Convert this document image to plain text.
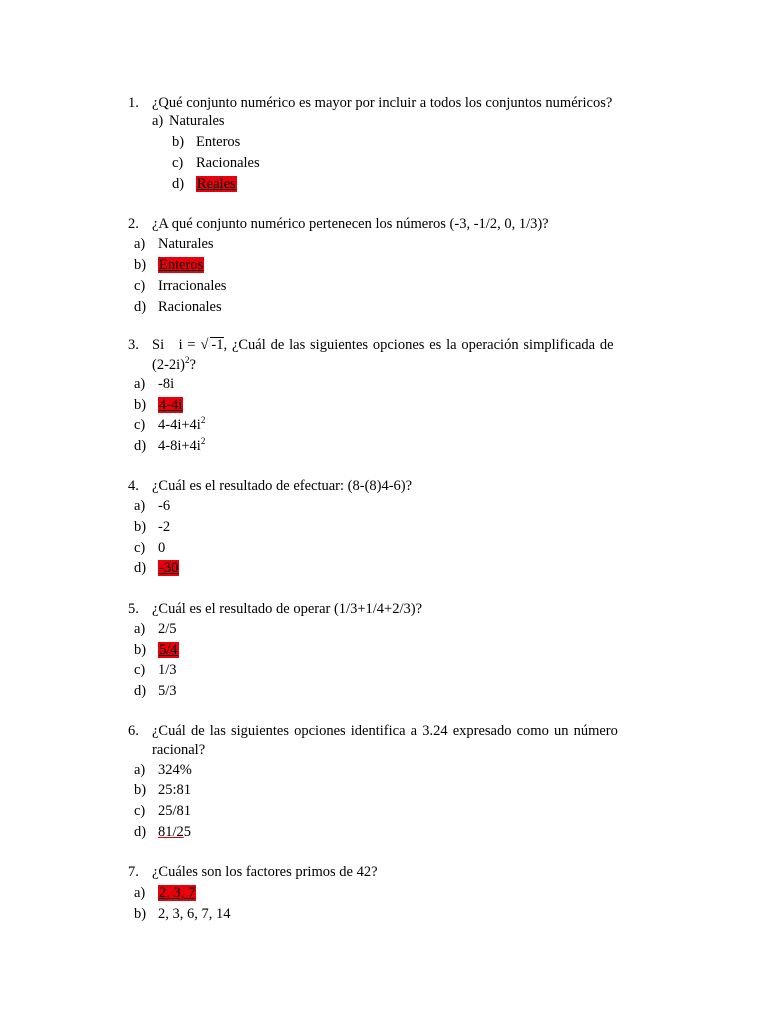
1. ¿Qué conjunto numérico es mayor por incluir a todos los conjuntos numéricos?
a) Naturales
b) Enteros
c) Racionales
d) Reales
2. ¿A qué conjunto numérico pertenecen los números (-3, -1/2, 0, 1/3)?
a) Naturales
b) Enteros
c) Irracionales
d) Racionales
3. Si   i = √ -1, ¿Cuál de las siguientes opciones es la operación simplificada de
$(2-2i)^2$?
a) -8i
b) 4-4i
c) $4-4i+4i^2$
d) $4-8i+4i^2$
4. ¿Cuál es el resultado de efectuar: (8-(8)4-6)?
a) -6
b) -2
c) 0
d) -30
5. ¿Cuál es el resultado de operar (1/3+1/4+2/3)?
a) 2/5
b) 5/4
c) 1/3
d) 5/3
6. ¿Cuál de las siguientes opciones identifica a 3.24 expresado como un número
racional?
a) 324%
b) 25:81
c) 25/81
d) 81/25
7. ¿Cuáles son los factores primos de 42?
a) 2, 3, 7
b) 2, 3, 6, 7, 14
